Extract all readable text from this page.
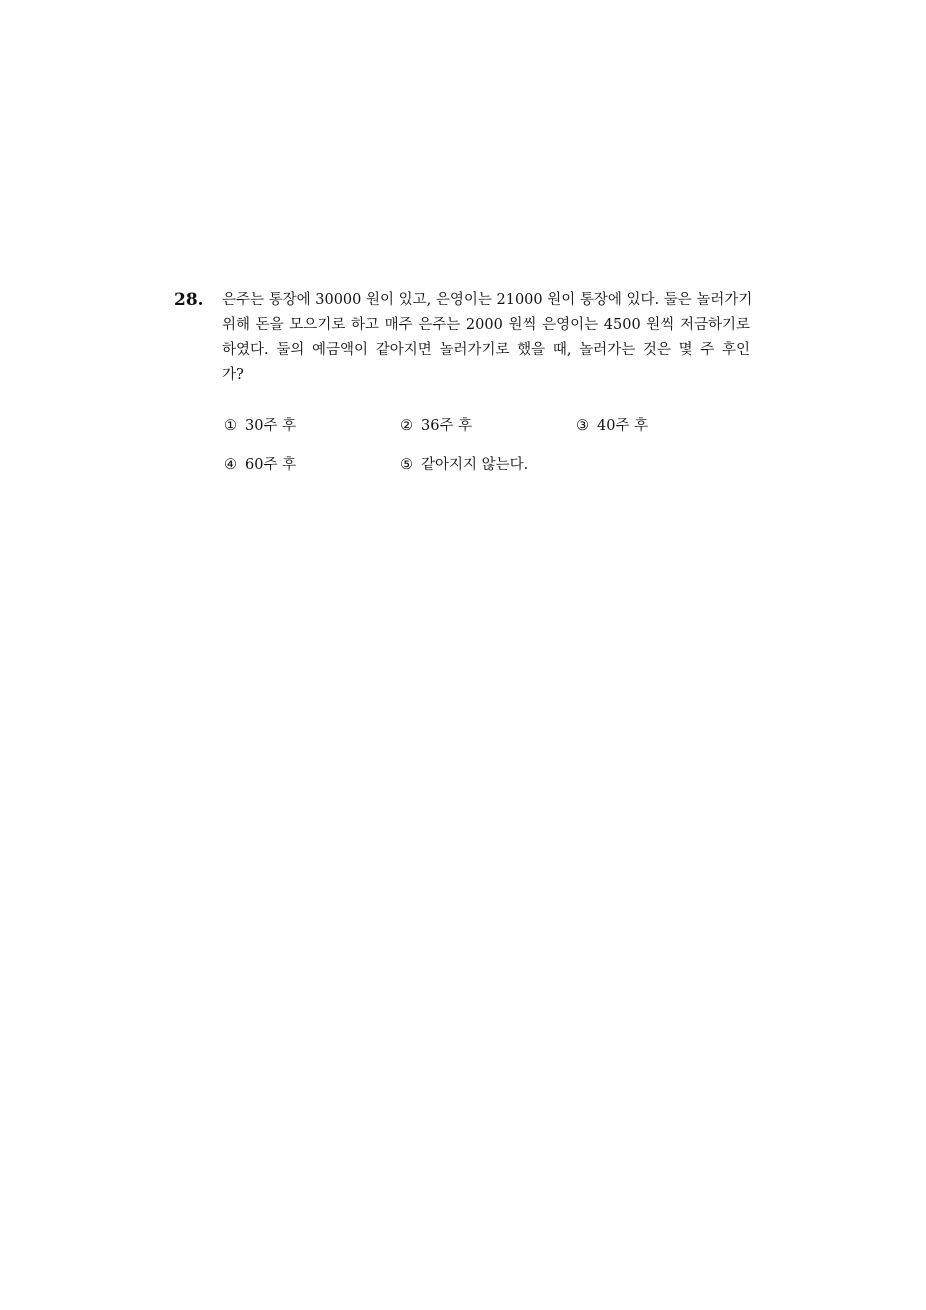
28. 은주는 통장에 30000 원이 있고, 은영이는 21000 원이 통장에 있다. 둘은 놀러가기
위해 돈을 모으기로 하고 매주 은주는 2000 원씩 은영이는 4500 원씩 저금하기로
하였다. 둘의 예금액이 같아지면 놀러가기로 했을 때, 놀러가는 것은 몇 주 후인
가?
① 30주 후	② 36주 후	③ 40주 후
④ 60주 후	⑤ 같아지지 않는다.
